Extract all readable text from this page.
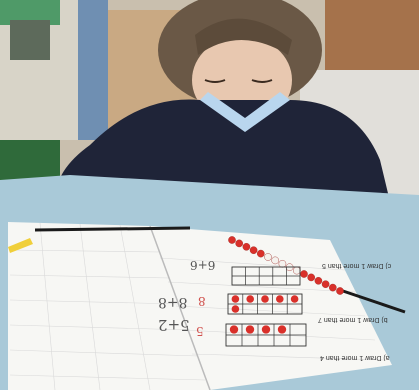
6+6
8
8+8
5
5+2
c) Draw 1 more than 5
b) Draw 1 more than 7
a) Draw 1 more than 4
